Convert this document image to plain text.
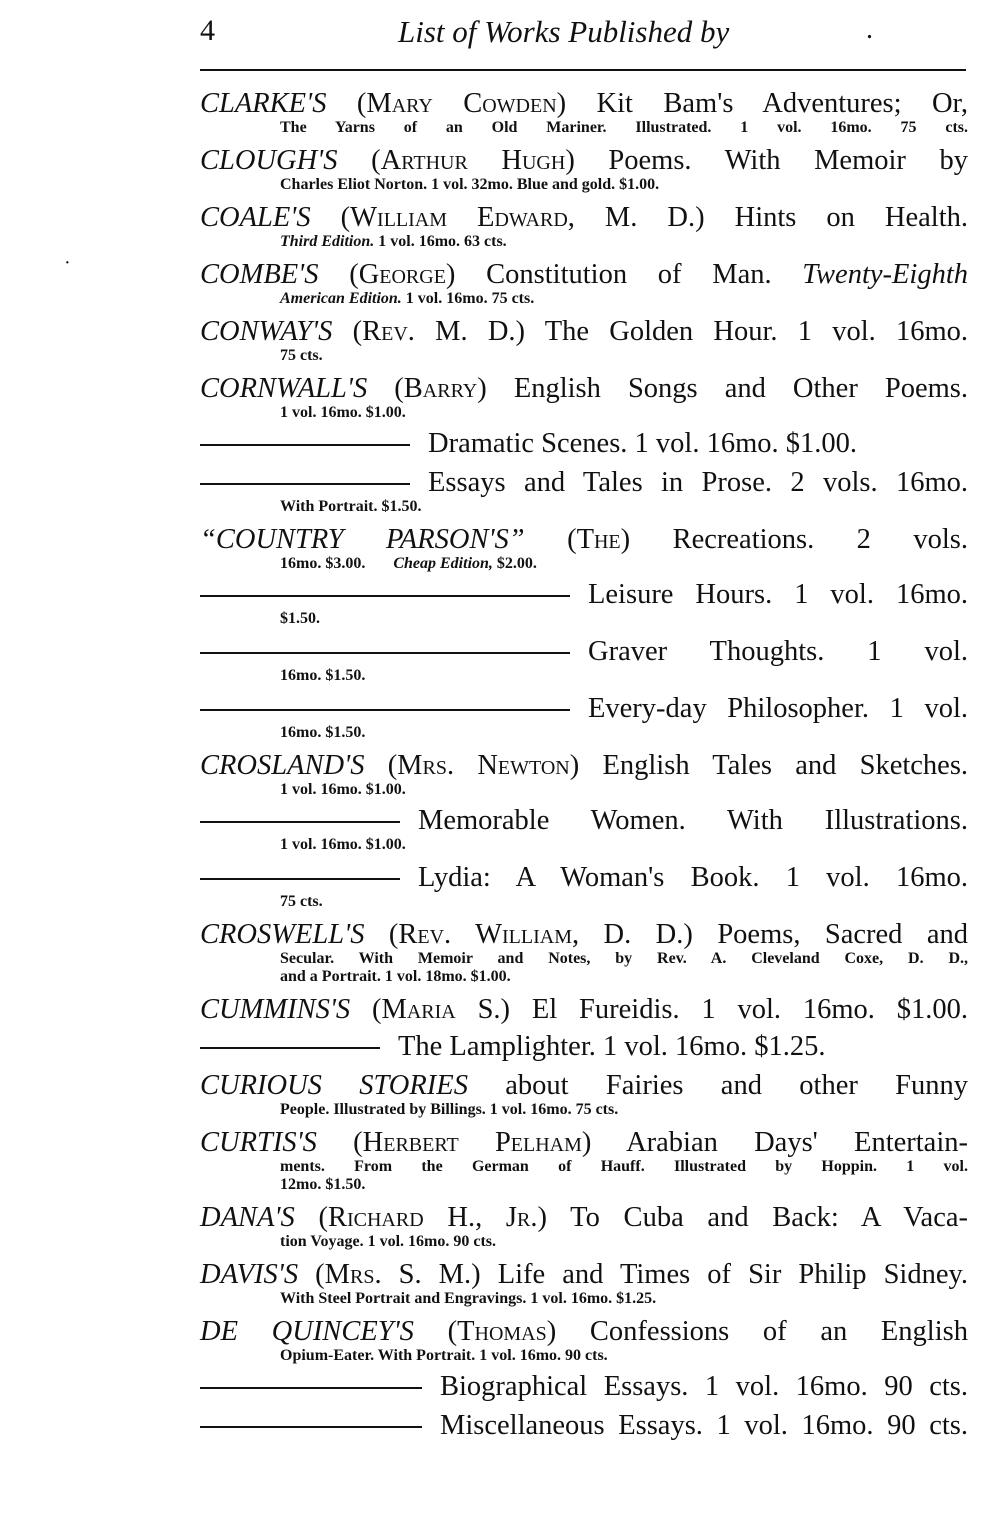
4	List of Works Published by	.
·
CLARKE'S (Mary Cowden) Kit Bam's Adventures; Or,
The Yarns of an Old Mariner. Illustrated. 1 vol. 16mo. 75 cts.
CLOUGH'S (Arthur Hugh) Poems. With Memoir by
Charles Eliot Norton. 1 vol. 32mo. Blue and gold. $1.00.
COALE'S (William Edward, M. D.) Hints on Health.
Third Edition. 1 vol. 16mo. 63 cts.
COMBE'S (George) Constitution of Man. Twenty-Eighth
American Edition. 1 vol. 16mo. 75 cts.
CONWAY'S (Rev. M. D.) The Golden Hour. 1 vol. 16mo.
75 cts.
CORNWALL'S (Barry) English Songs and Other Poems.
1 vol. 16mo. $1.00.
Dramatic Scenes. 1 vol. 16mo. $1.00.
Essays and Tales in Prose. 2 vols. 16mo.
With Portrait. $1.50.
“COUNTRY PARSON'S” (The) Recreations. 2 vols.
16mo. $3.00. Cheap Edition, $2.00.
Leisure Hours. 1 vol. 16mo.
$1.50.
Graver Thoughts. 1 vol.
16mo. $1.50.
Every-day Philosopher. 1 vol.
16mo. $1.50.
CROSLAND'S (Mrs. Newton) English Tales and Sketches.
1 vol. 16mo. $1.00.
Memorable Women. With Illustrations.
1 vol. 16mo. $1.00.
Lydia: A Woman's Book. 1 vol. 16mo.
75 cts.
CROSWELL'S (Rev. William, D. D.) Poems, Sacred and
Secular. With Memoir and Notes, by Rev. A. Cleveland Coxe, D. D.,
and a Portrait. 1 vol. 18mo. $1.00.
CUMMINS'S (Maria S.) El Fureidis. 1 vol. 16mo. $1.00.
The Lamplighter. 1 vol. 16mo. $1.25.
CURIOUS STORIES about Fairies and other Funny
People. Illustrated by Billings. 1 vol. 16mo. 75 cts.
CURTIS'S (Herbert Pelham) Arabian Days' Entertain-
ments. From the German of Hauff. Illustrated by Hoppin. 1 vol.
12mo. $1.50.
DANA'S (Richard H., Jr.) To Cuba and Back: A Vaca-
tion Voyage. 1 vol. 16mo. 90 cts.
DAVIS'S (Mrs. S. M.) Life and Times of Sir Philip Sidney.
With Steel Portrait and Engravings. 1 vol. 16mo. $1.25.
DE QUINCEY'S (Thomas) Confessions of an English
Opium-Eater. With Portrait. 1 vol. 16mo. 90 cts.
Biographical Essays. 1 vol. 16mo. 90 cts.
Miscellaneous Essays. 1 vol. 16mo. 90 cts.
